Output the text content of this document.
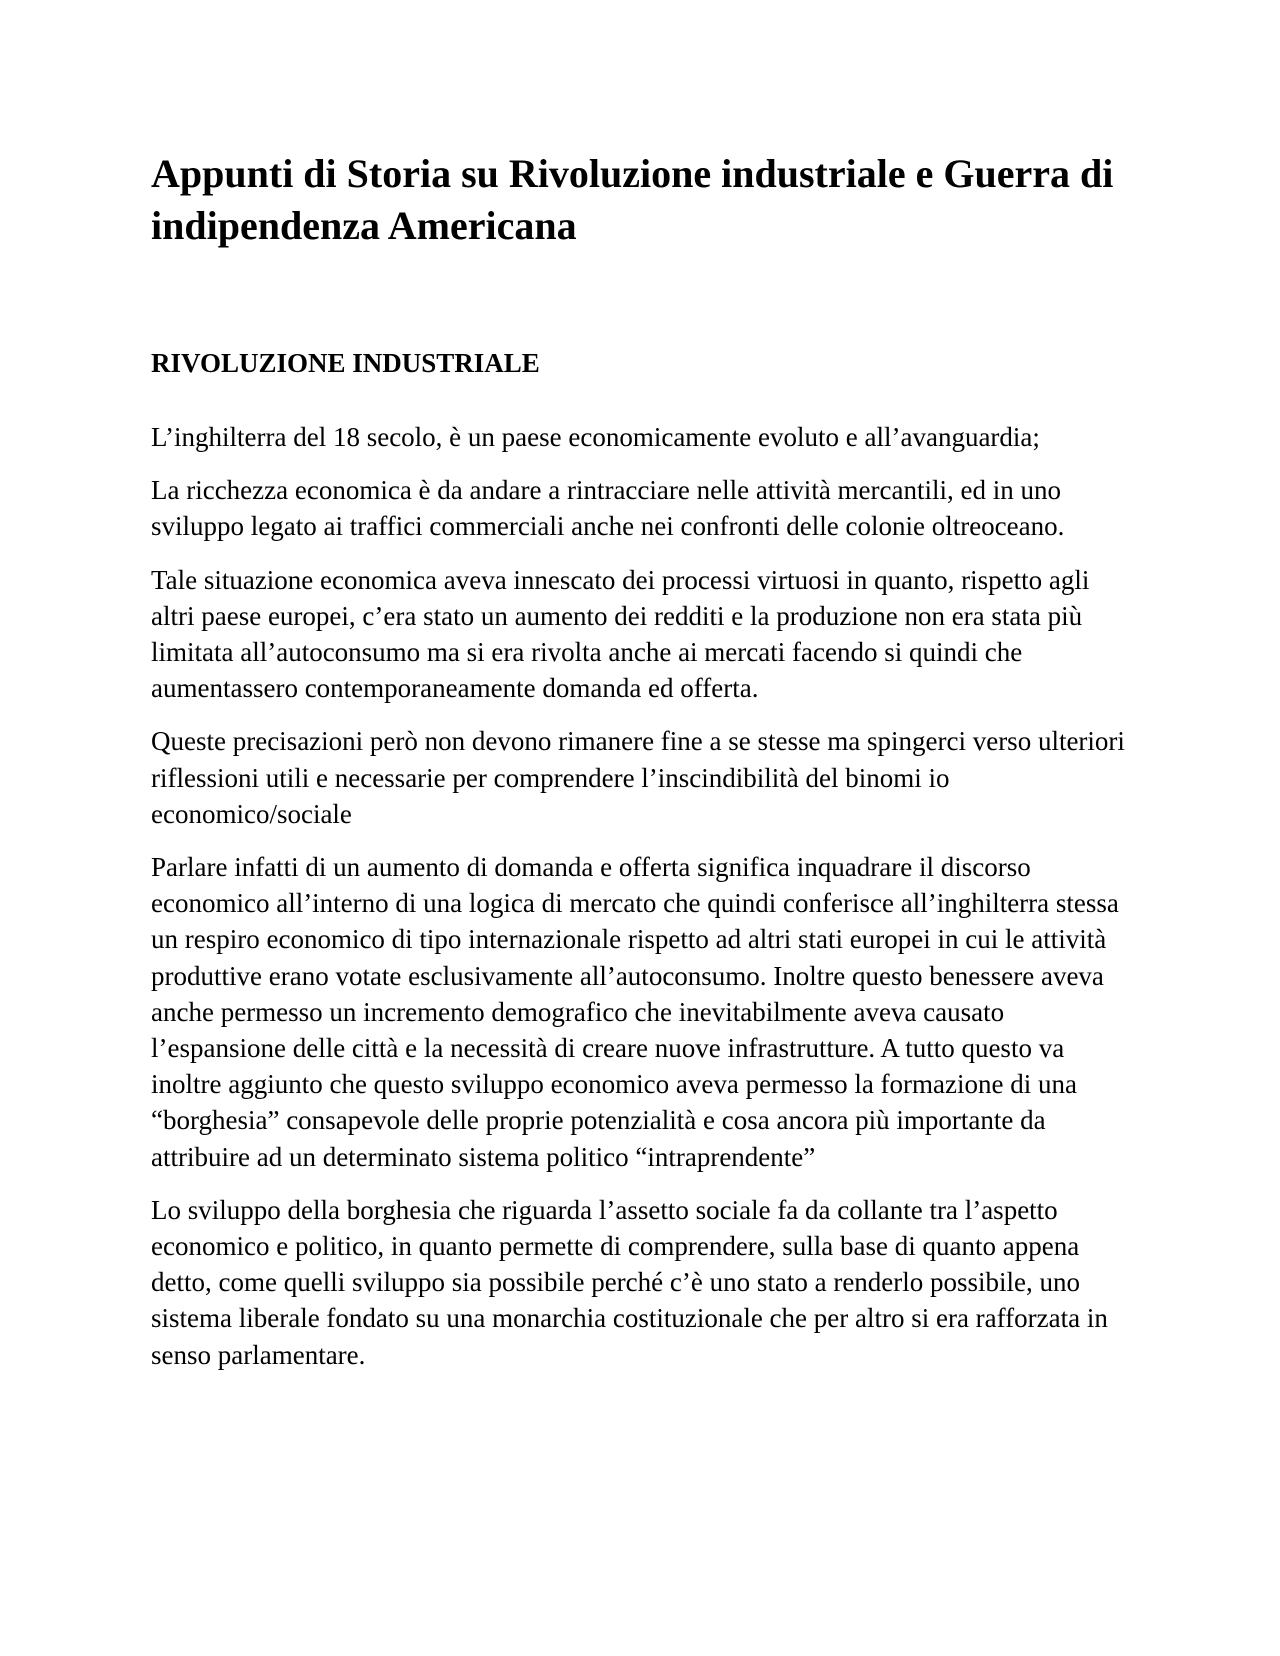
Appunti di Storia su Rivoluzione industriale e Guerra di indipendenza Americana
RIVOLUZIONE INDUSTRIALE

L’inghilterra del 18 secolo, è un paese economicamente evoluto e all’avanguardia;

La ricchezza economica è da andare a rintracciare nelle attività mercantili, ed in uno sviluppo legato ai traffici commerciali anche nei confronti delle colonie oltreoceano.

Tale situazione economica aveva innescato dei processi virtuosi in quanto, rispetto agli altri paese europei, c’era stato un aumento dei redditi e la produzione non era stata più limitata all’autoconsumo ma si era rivolta anche ai mercati facendo si quindi che aumentassero contemporaneamente domanda ed offerta.

Queste precisazioni però non devono rimanere fine a se stesse ma spingerci verso ulteriori riflessioni utili e necessarie per comprendere l’inscindibilità del binomi io economico/sociale

Parlare infatti di un aumento di domanda e offerta significa inquadrare il discorso economico all’interno di una logica di mercato che quindi conferisce all’inghilterra stessa un respiro economico di tipo internazionale rispetto ad altri stati europei in cui le attività produttive erano votate esclusivamente all’autoconsumo. Inoltre questo benessere aveva anche permesso un incremento demografico che inevitabilmente aveva causato l’espansione delle città e la necessità di creare nuove infrastrutture. A tutto questo va inoltre aggiunto che questo sviluppo economico aveva permesso la formazione di una “borghesia” consapevole delle proprie potenzialità e cosa ancora più importante da attribuire ad un determinato sistema politico “intraprendente”

Lo sviluppo della borghesia che riguarda l’assetto sociale fa da collante tra l’aspetto economico e politico, in quanto permette di comprendere, sulla base di quanto appena detto, come quelli sviluppo sia possibile perché c’è uno stato a renderlo possibile, uno sistema liberale fondato su una monarchia costituzionale che per altro si era rafforzata in senso parlamentare.
